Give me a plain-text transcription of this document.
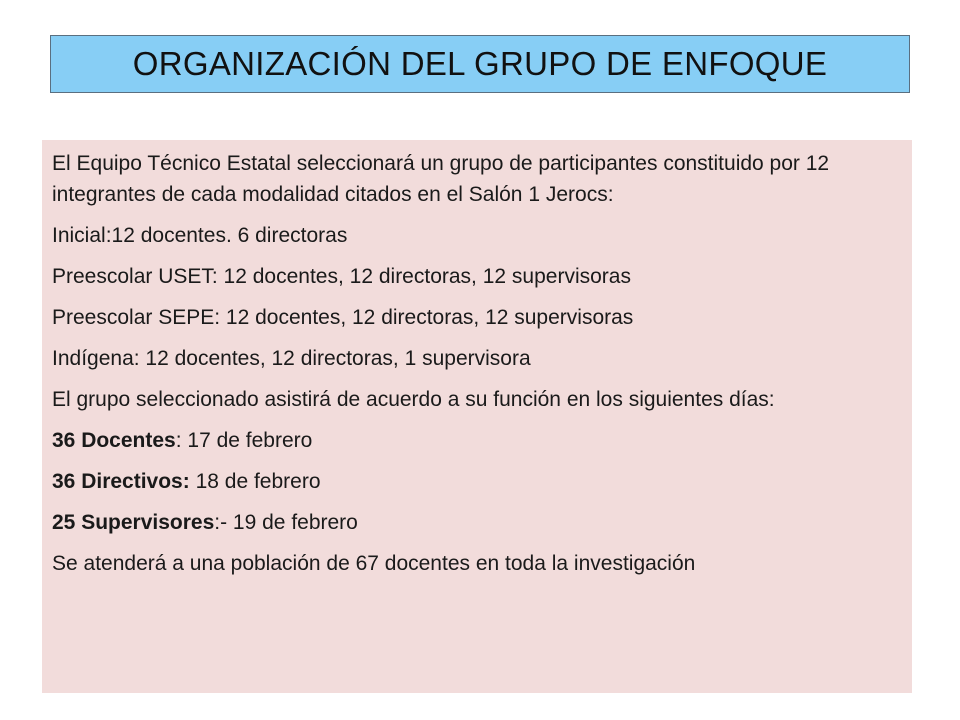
ORGANIZACIÓN DEL GRUPO DE ENFOQUE

El Equipo Técnico Estatal seleccionará un grupo de participantes constituido por 12 integrantes de cada modalidad citados en el Salón 1 Jerocs:

Inicial:12 docentes. 6 directoras

Preescolar USET: 12 docentes, 12 directoras, 12 supervisoras

Preescolar SEPE: 12 docentes, 12 directoras, 12 supervisoras

Indígena: 12 docentes, 12 directoras, 1 supervisora

El grupo seleccionado asistirá de acuerdo a su función en los siguientes días:

36 Docentes: 17 de febrero

36 Directivos: 18 de febrero

25 Supervisores:- 19 de febrero

Se atenderá a una población de 67 docentes en toda la investigación
